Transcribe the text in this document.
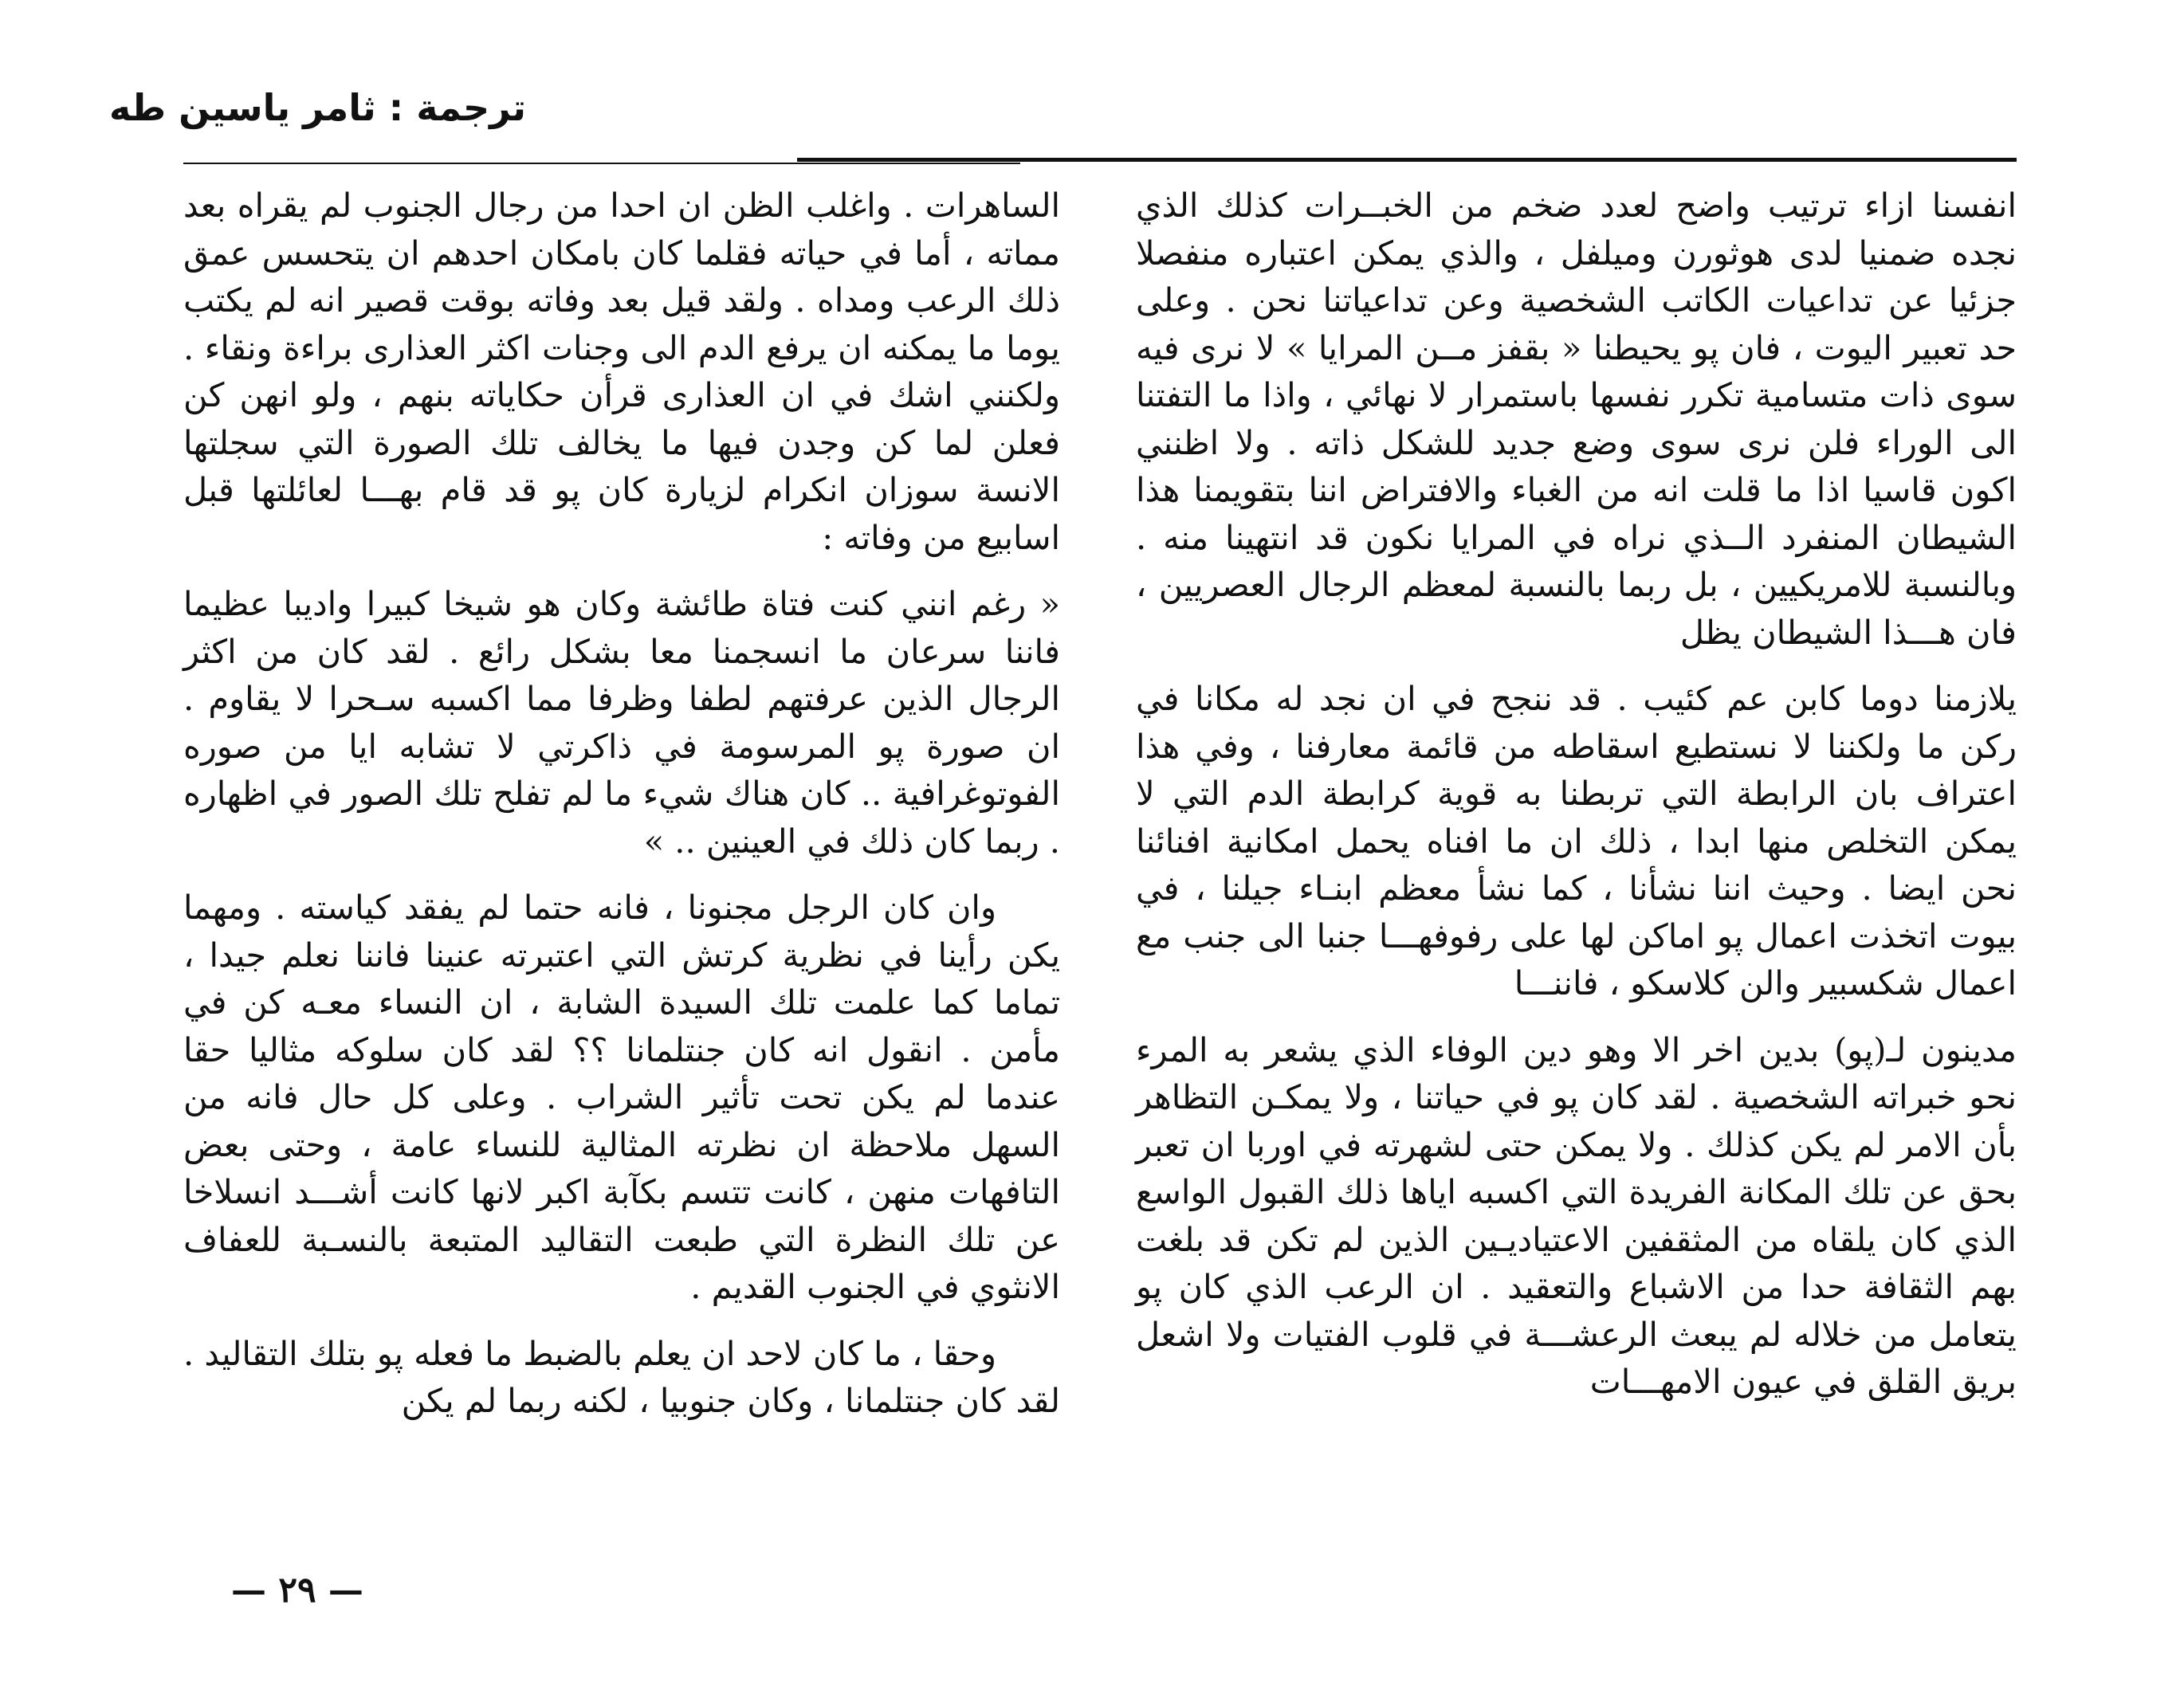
ترجمة : ثامر ياسين طه

انفسنا ازاء ترتيب واضح لعدد ضخم من الخبــرات كذلك الذي نجده ضمنيا لدى هوثورن وميلفل ، والذي يمكن اعتباره منفصلا جزئيا عن تداعيات الكاتب الشخصية وعن تداعياتنا نحن . وعلى حد تعبير اليوت ، فان پو يحيطنا « بقفز مــن المرايا » لا نرى فيه سوى ذات متسامية تكرر نفسها باستمرار لا نهائي ، واذا ما التفتنا الى الوراء فلن نرى سوى وضع جديد للشكل ذاته . ولا اظنني اكون قاسيا اذا ما قلت انه من الغباء والافتراض اننا بتقويمنا هذا الشيطان المنفرد الــذي نراه في المرايا نكون قد انتهينا منه . وبالنسبة للامريكيين ، بل ربما بالنسبة لمعظم الرجال العصريين ، فان هـــذا الشيطان يظل

يلازمنا دوما كابن عم كئيب . قد ننجح في ان نجد له مكانا في ركن ما ولكننا لا نستطيع اسقاطه من قائمة معارفنا ، وفي هذا اعتراف بان الرابطة التي تربطنا به قوية كرابطة الدم التي لا يمكن التخلص منها ابدا ، ذلك ان ما افناه يحمل امكانية افنائنا نحن ايضا . وحيث اننا نشأنا ، كما نشأ معظم ابنـاء جيلنا ، في بيوت اتخذت اعمال پو اماكن لها على رفوفهـــا جنبا الى جنب مع اعمال شكسبير والن كلاسكو ، فاننـــا

مدينون لـ(پو) بدين اخر الا وهو دين الوفاء الذي يشعر به المرء نحو خبراته الشخصية . لقد كان پو في حياتنا ، ولا يمكـن التظاهر بأن الامر لم يكن كذلك . ولا يمكن حتى لشهرته في اوربا ان تعبر بحق عن تلك المكانة الفريدة التي اكسبه اياها ذلك القبول الواسع الذي كان يلقاه من المثقفين الاعتياديـين الذين لم تكن قد بلغت بهم الثقافة حدا من الاشباع والتعقيد . ان الرعب الذي كان پو يتعامل من خلاله لم يبعث الرعشـــة في قلوب الفتيات ولا اشعل بريق القلق في عيون الامهـــات

الساهرات . واغلب الظن ان احدا من رجال الجنوب لم يقراه بعد مماته ، أما في حياته فقلما كان بامكان احدهم ان يتحسس عمق ذلك الرعب ومداه . ولقد قيل بعد وفاته بوقت قصير انه لم يكتب يوما ما يمكنه ان يرفع الدم الى وجنات اكثر العذارى براءة ونقاء . ولكنني اشك في ان العذارى قرأن حكاياته بنهم ، ولو انهن كن فعلن لما كن وجدن فيها ما يخالف تلك الصورة التي سجلتها الانسة سوزان انكرام لزيارة كان پو قد قام بهـــا لعائلتها قبل اسابيع من وفاته :

« رغم انني كنت فتاة طائشة وكان هو شيخا كبيرا واديبا عظيما فاننا سرعان ما انسجمنا معا بشكل رائع . لقد كان من اكثر الرجال الذين عرفتهم لطفا وظرفا مما اكسبه سـحرا لا يقاوم . ان صورة پو المرسومة في ذاكرتي لا تشابه ايا من صوره الفوتوغرافية .. كان هناك شيء ما لم تفلح تلك الصور في اظهاره . ربما كان ذلك في العينين .. »

وان كان الرجل مجنونا ، فانه حتما لم يفقد كياسته . ومهما يكن رأينا في نظرية كرتش التي اعتبرته عنينا فاننا نعلم جيدا ، تماما كما علمت تلك السيدة الشابة ، ان النساء معـه كن في مأمن . انقول انه كان جنتلمانا ؟؟ لقد كان سلوكه مثاليا حقا عندما لم يكن تحت تأثير الشراب . وعلى كل حال فانه من السهل ملاحظة ان نظرته المثالية للنساء عامة ، وحتى بعض التافهات منهن ، كانت تتسم بكآبة اكبر لانها كانت أشـــد انسلاخا عن تلك النظرة التي طبعت التقاليد المتبعة بالنسـبة للعفاف الانثوي في الجنوب القديم .

وحقا ، ما كان لاحد ان يعلم بالضبط ما فعله پو بتلك التقاليد . لقد كان جنتلمانا ، وكان جنوبيا ، لكنه ربما لم يكن

— ٢٩ —
